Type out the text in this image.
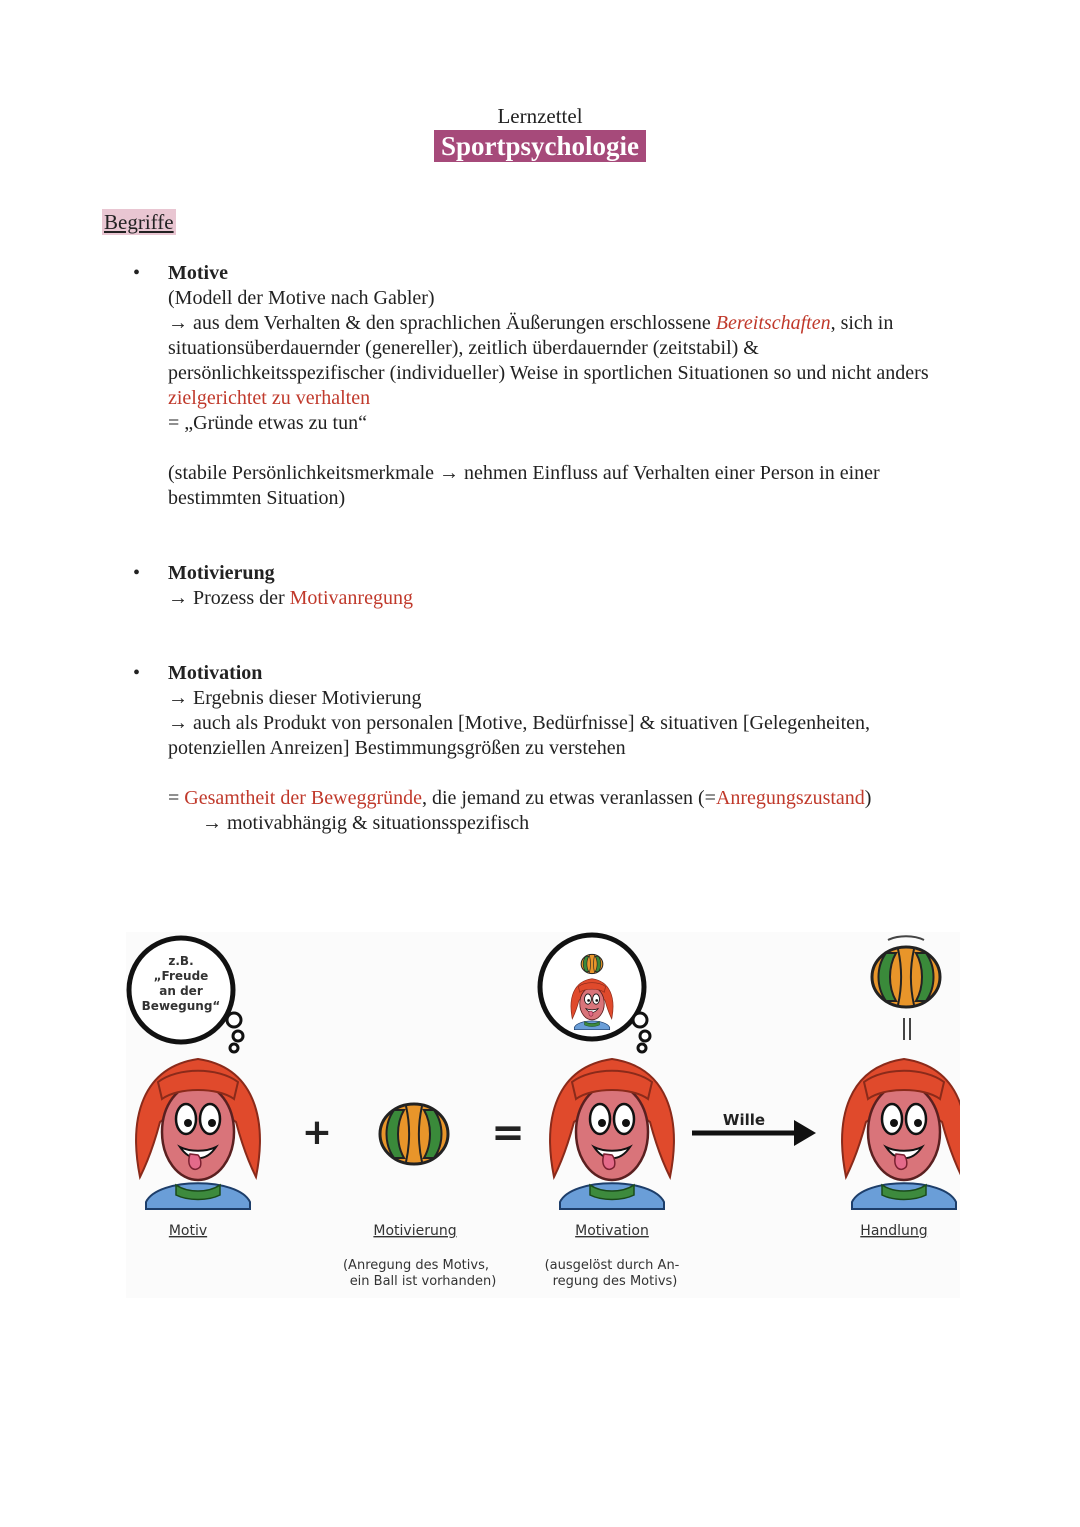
Lernzettel
Sportpsychologie
Begriffe
• Motive

(Modell der Motive nach Gabler)

→ aus dem Verhalten & den sprachlichen Äußerungen erschlossene Bereitschaften, sich in situationsüberdauernder (genereller), zeitlich überdauernder (zeitstabil) & persönlichkeitsspezifischer (individueller) Weise in sportlichen Situationen so und nicht anders zielgerichtet zu verhalten

= „Gründe etwas zu tun“

(stabile Persönlichkeitsmerkmale → nehmen Einfluss auf Verhalten einer Person in einer bestimmten Situation)

• Motivierung

→ Prozess der Motivanregung

• Motivation

→ Ergebnis dieser Motivierung

→ auch als Produkt von personalen [Motive, Bedürfnisse] & situativen [Gelegenheiten, potenziellen Anreizen] Bestimmungsgrößen zu verstehen

= Gesamtheit der Beweggründe, die jemand zu etwas veranlassen (=Anregungszustand)

→ motivabhängig & situationsspezifisch

z.B.
„Freude
an der
Bewegung“
+	=	Wille
Motiv	Motivierung	Motivation	Handlung
(Anregung des Motivs,
ein Ball ist vorhanden)
(ausgelöst durch An-
regung des Motivs)
